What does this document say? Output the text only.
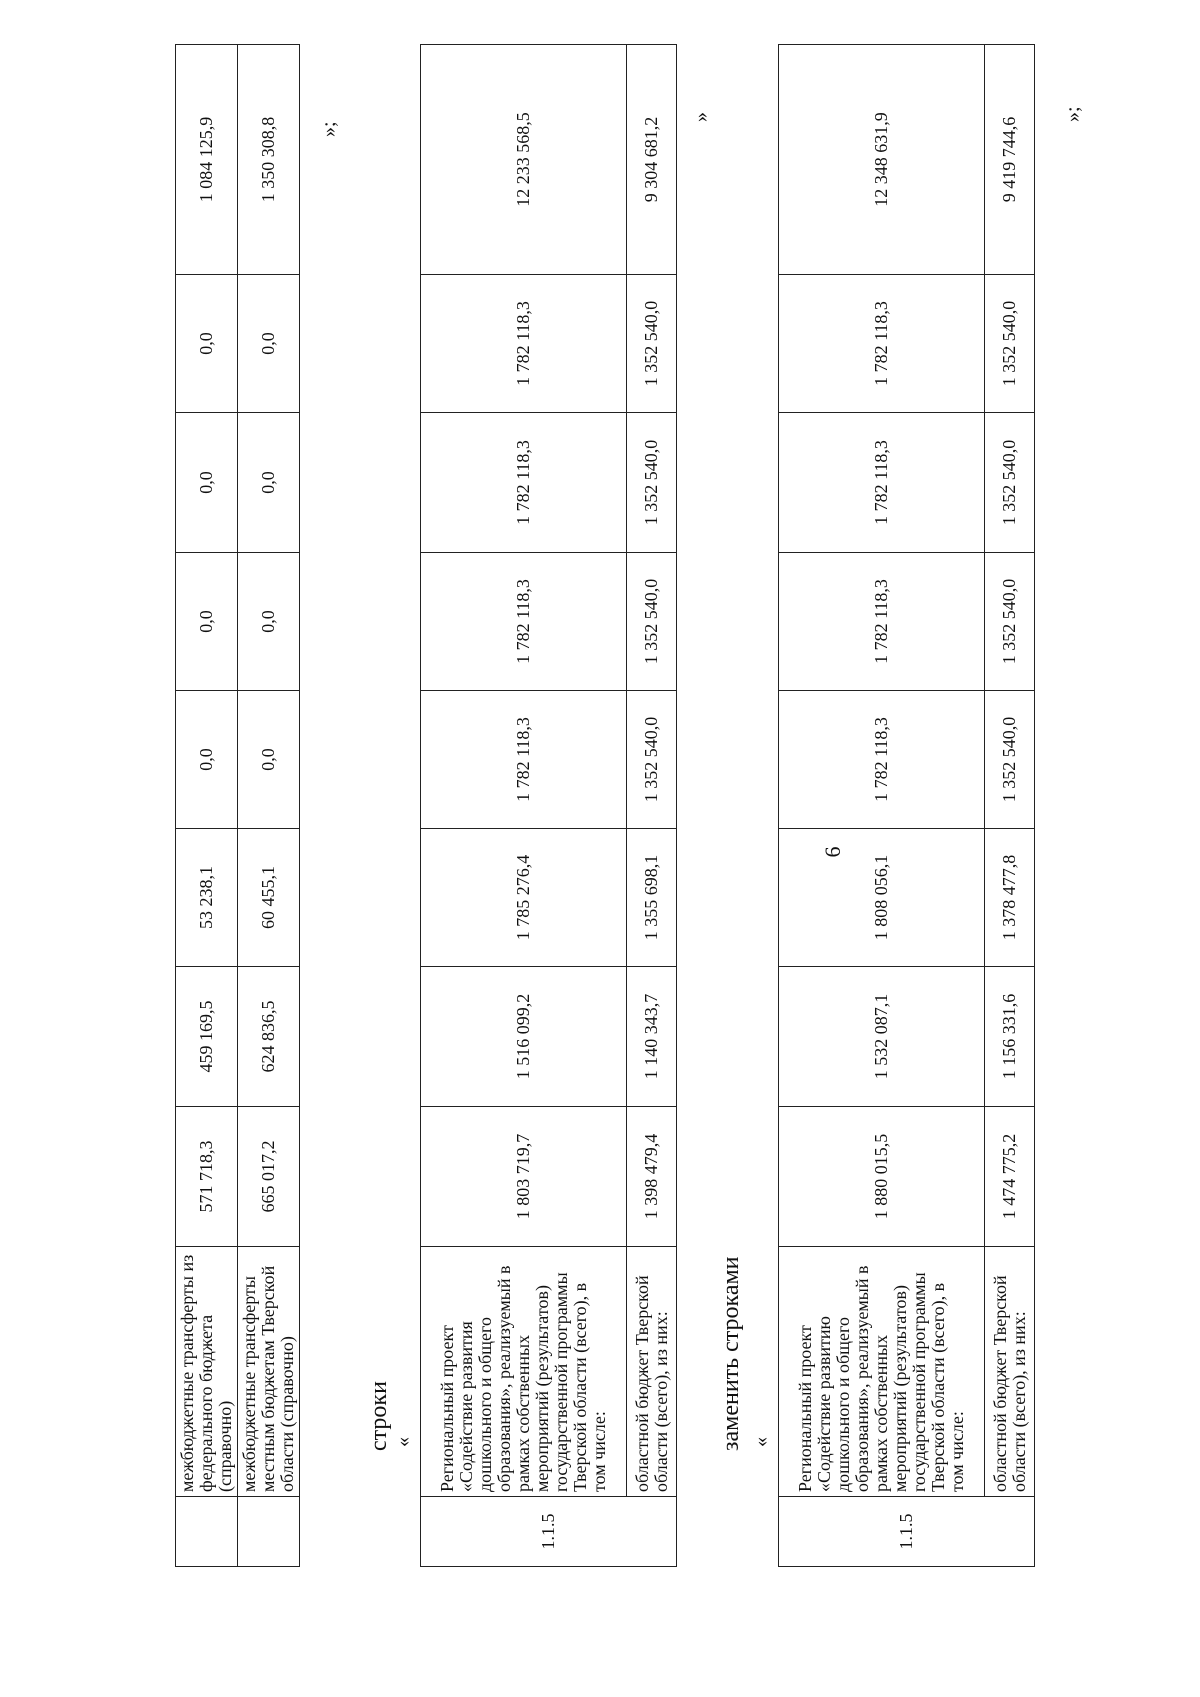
6
	межбюджетные трансферты из федерального бюджета (справочно)	571 718,3	459 169,5	53 238,1	0,0	0,0	0,0	0,0	1 084 125,9
	межбюджетные трансферты местным бюджетам Тверской области (справочно)	665 017,2	624 836,5	60 455,1	0,0	0,0	0,0	0,0	1 350 308,8 »;
строки «
1.1.5	Региональный проект «Содействие развития дошкольного и общего образования», реализуемый в рамках собственных мероприятий (результатов) государственной программы Тверской области (всего), в том числе:	1 803 719,7	1 516 099,2	1 785 276,4	1 782 118,3	1 782 118,3	1 782 118,3	1 782 118,3	12 233 568,5
	областной бюджет Тверской области (всего), из них:	1 398 479,4	1 140 343,7	1 355 698,1	1 352 540,0	1 352 540,0	1 352 540,0	1 352 540,0	9 304 681,2 »
заменить строками «
1.1.5	Региональный проект «Содействие развитию дошкольного и общего образования», реализуемый в рамках собственных мероприятий (результатов) государственной программы Тверской области (всего), в том числе:	1 880 015,5	1 532 087,1	1 808 056,1	1 782 118,3	1 782 118,3	1 782 118,3	1 782 118,3	12 348 631,9
	областной бюджет Тверской области (всего), из них:	1 474 775,2	1 156 331,6	1 378 477,8	1 352 540,0	1 352 540,0	1 352 540,0	1 352 540,0	9 419 744,6
»;
